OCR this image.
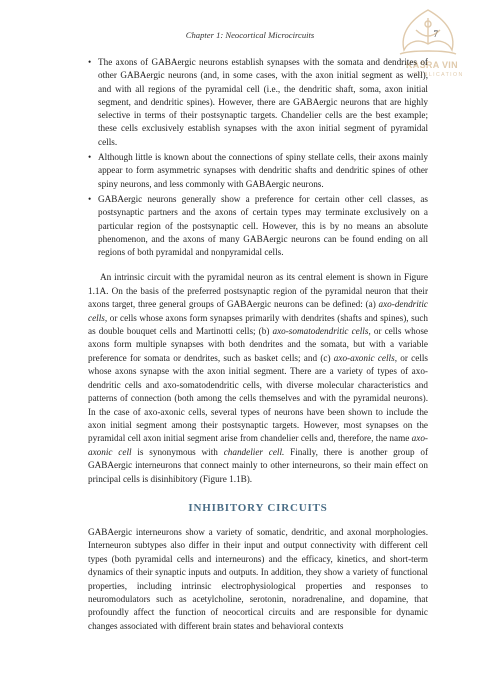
Chapter 1: Neocortical Microcircuits	7
KASRA VIN
PUBLICATION
• The axons of GABAergic neurons establish synapses with the somata and dendrites of other GABAergic neurons (and, in some cases, with the axon initial segment as well), and with all regions of the pyramidal cell (i.e., the dendritic shaft, soma, axon initial segment, and dendritic spines). However, there are GABAergic neurons that are highly selective in terms of their postsynaptic targets. Chandelier cells are the best example; these cells exclusively establish synapses with the axon initial segment of pyramidal cells.
• Although little is known about the connections of spiny stellate cells, their axons mainly appear to form asymmetric synapses with dendritic shafts and dendritic spines of other spiny neurons, and less commonly with GABAergic neurons.
• GABAergic neurons generally show a preference for certain other cell classes, as postsynaptic partners and the axons of certain types may terminate exclusively on a particular region of the postsynaptic cell. However, this is by no means an absolute phenomenon, and the axons of many GABAergic neurons can be found ending on all regions of both pyramidal and nonpyramidal cells.

An intrinsic circuit with the pyramidal neuron as its central element is shown in Figure 1.1A. On the basis of the preferred postsynaptic region of the pyramidal neuron that their axons target, three general groups of GABAergic neurons can be defined: (a) axo-dendritic cells, or cells whose axons form synapses primarily with dendrites (shafts and spines), such as double bouquet cells and Martinotti cells; (b) axo-somatodendritic cells, or cells whose axons form multiple synapses with both dendrites and the somata, but with a variable preference for somata or dendrites, such as basket cells; and (c) axo-axonic cells, or cells whose axons synapse with the axon initial segment. There are a variety of types of axo-dendritic cells and axo-somatodendritic cells, with diverse molecular characteristics and patterns of connection (both among the cells themselves and with the pyramidal neurons). In the case of axo-axonic cells, several types of neurons have been shown to include the axon initial segment among their postsynaptic targets. However, most synapses on the pyramidal cell axon initial segment arise from chandelier cells and, therefore, the name axo-axonic cell is synonymous with chandelier cell. Finally, there is another group of GABAergic interneurons that connect mainly to other interneurons, so their main effect on principal cells is disinhibitory (Figure 1.1B).

INHIBITORY CIRCUITS

GABAergic interneurons show a variety of somatic, dendritic, and axonal morphologies. Interneuron subtypes also differ in their input and output connectivity with different cell types (both pyramidal cells and interneurons) and the efficacy, kinetics, and short-term dynamics of their synaptic inputs and outputs. In addition, they show a variety of functional properties, including intrinsic electrophysiological properties and responses to neuromodulators such as acetylcholine, serotonin, noradrenaline, and dopamine, that profoundly affect the function of neocortical circuits and are responsible for dynamic changes associated with different brain states and behavioral contexts
